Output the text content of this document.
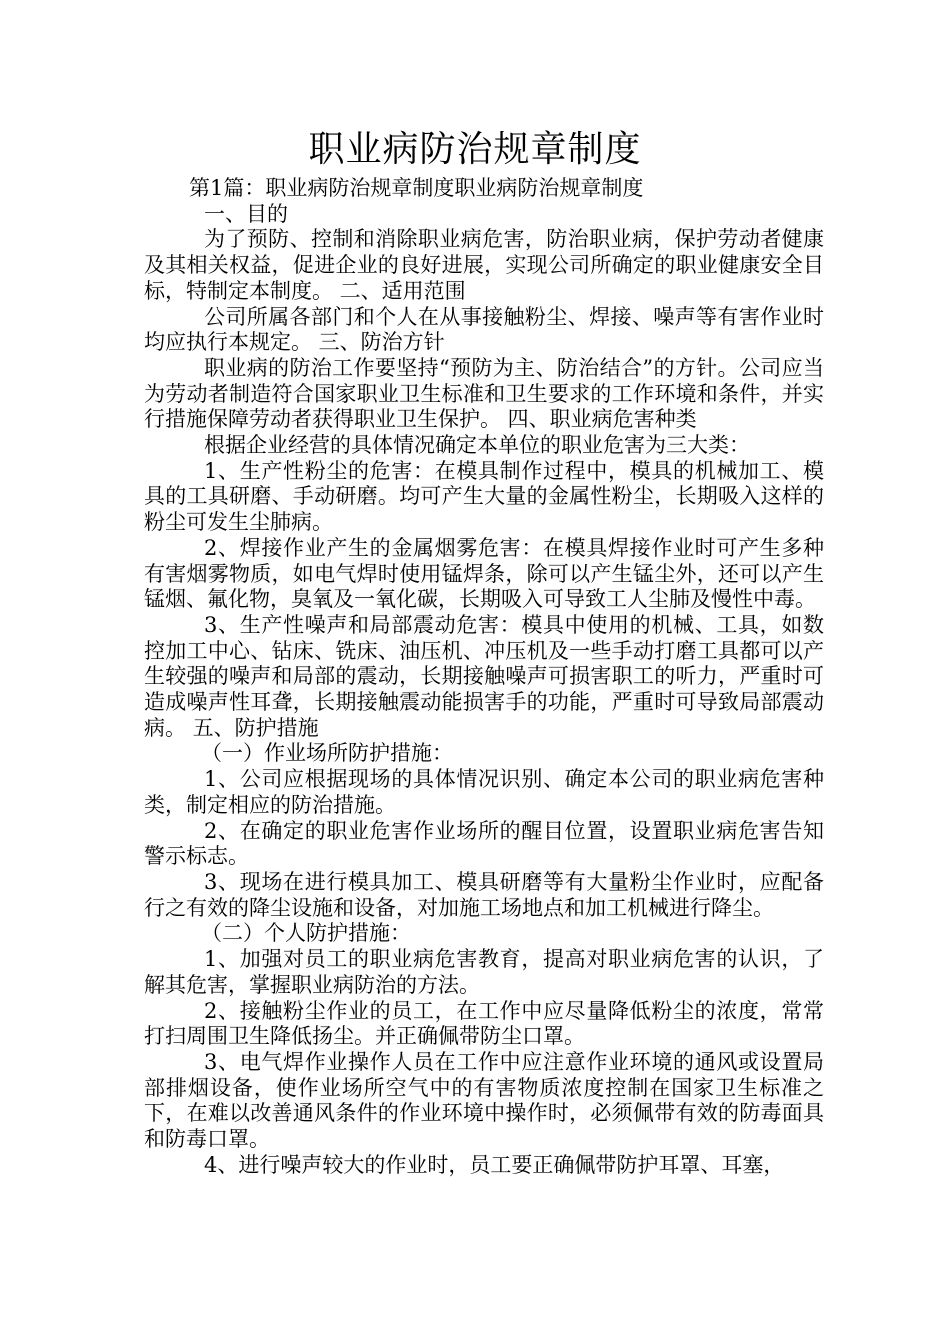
职业病防治规章制度

第1篇：职业病防治规章制度职业病防治规章制度

一、目的

为了预防、控制和消除职业病危害，防治职业病，保护劳动者健康及其相关权益，促进企业的良好进展，实现公司所确定的职业健康安全目标，特制定本制度。 二、适用范围

公司所属各部门和个人在从事接触粉尘、焊接、噪声等有害作业时均应执行本规定。 三、防治方针

职业病的防治工作要坚持“预防为主、防治结合”的方针。公司应当为劳动者制造符合国家职业卫生标准和卫生要求的工作环境和条件，并实行措施保障劳动者获得职业卫生保护。 四、职业病危害种类

根据企业经营的具体情况确定本单位的职业危害为三大类：

1、生产性粉尘的危害：在模具制作过程中，模具的机械加工、模具的工具研磨、手动研磨。均可产生大量的金属性粉尘，长期吸入这样的粉尘可发生尘肺病。

2、焊接作业产生的金属烟雾危害：在模具焊接作业时可产生多种有害烟雾物质，如电气焊时使用锰焊条，除可以产生锰尘外，还可以产生锰烟、氟化物，臭氧及一氧化碳，长期吸入可导致工人尘肺及慢性中毒。

3、生产性噪声和局部震动危害：模具中使用的机械、工具，如数控加工中心、钻床、铣床、油压机、冲压机及一些手动打磨工具都可以产生较强的噪声和局部的震动，长期接触噪声可损害职工的听力，严重时可造成噪声性耳聋，长期接触震动能损害手的功能，严重时可导致局部震动病。 五、防护措施

（一）作业场所防护措施：

1、公司应根据现场的具体情况识别、确定本公司的职业病危害种类，制定相应的防治措施。

2、在确定的职业危害作业场所的醒目位置，设置职业病危害告知警示标志。

3、现场在进行模具加工、模具研磨等有大量粉尘作业时，应配备行之有效的降尘设施和设备，对加施工场地点和加工机械进行降尘。

（二）个人防护措施：

1、加强对员工的职业病危害教育，提高对职业病危害的认识，了解其危害，掌握职业病防治的方法。

2、接触粉尘作业的员工，在工作中应尽量降低粉尘的浓度，常常打扫周围卫生降低扬尘。并正确佩带防尘口罩。

3、电气焊作业操作人员在工作中应注意作业环境的通风或设置局部排烟设备，使作业场所空气中的有害物质浓度控制在国家卫生标准之下，在难以改善通风条件的作业环境中操作时，必须佩带有效的防毒面具和防毒口罩。

4、进行噪声较大的作业时，员工要正确佩带防护耳罩、耳塞，
